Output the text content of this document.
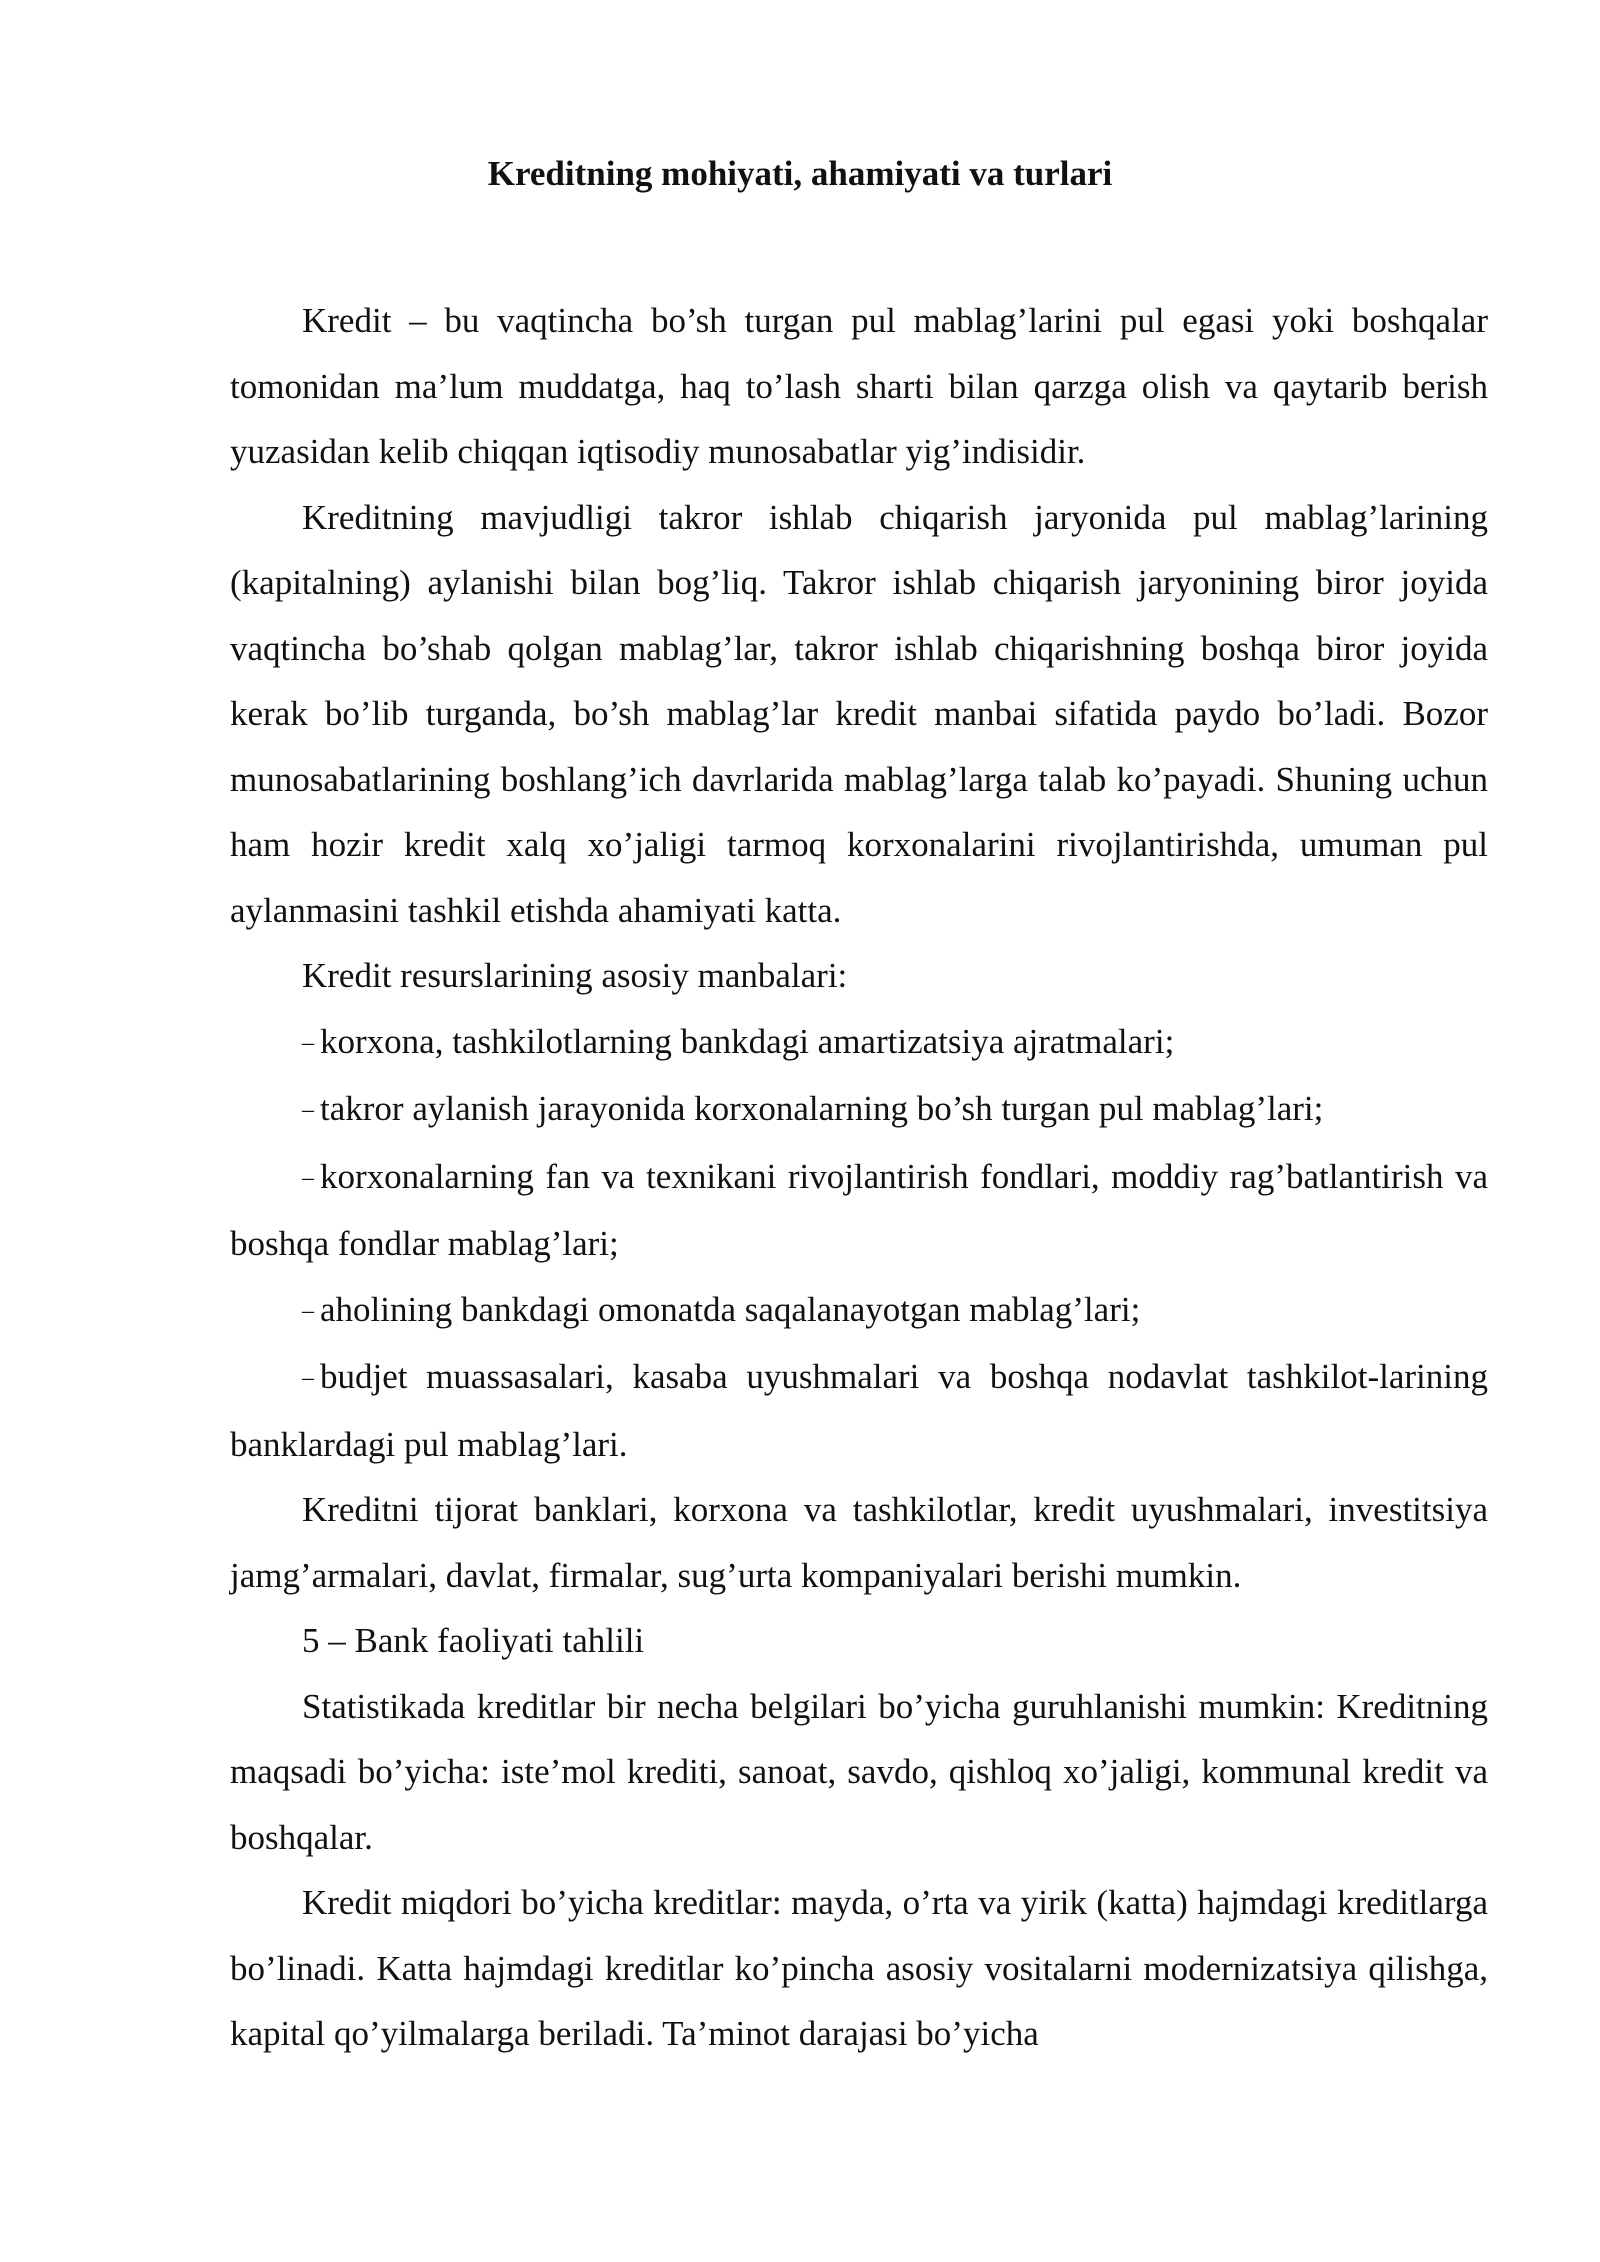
Kreditning mohiyati, ahamiyati va turlari

Kredit – bu vaqtincha bo’sh turgan pul mablag’larini pul egasi yoki boshqalar tomonidan ma’lum muddatga, haq to’lash sharti bilan qarzga olish va qaytarib berish yuzasidan kelib chiqqan iqtisodiy munosabatlar yig’indisidir.

Kreditning mavjudligi takror ishlab chiqarish jaryonida pul mablag’larining (kapitalning) aylanishi bilan bog’liq. Takror ishlab chiqarish jaryonining biror joyida vaqtincha bo’shab qolgan mablag’lar, takror ishlab chiqarishning boshqa biror joyida kerak bo’lib turganda, bo’sh mablag’lar kredit manbai sifatida paydo bo’ladi. Bozor munosabatlarining boshlang’ich davrlarida mablag’larga talab ko’payadi. Shuning uchun ham hozir kredit xalq xo’jaligi tarmoq korxonalarini rivojlantirishda, umuman pul aylanmasini tashkil etishda ahamiyati katta.

Kredit resurslarining asosiy manbalari:

– korxona, tashkilotlarning bankdagi amartizatsiya ajratmalari;

– takror aylanish jarayonida korxonalarning bo’sh turgan pul mablag’lari;

– korxonalarning fan va texnikani rivojlantirish fondlari, moddiy rag’batlantirish va boshqa fondlar mablag’lari;

– aholining bankdagi omonatda saqalanayotgan mablag’lari;

– budjet muassasalari, kasaba uyushmalari va boshqa nodavlat tashkilot-larining banklardagi pul mablag’lari.

Kreditni tijorat banklari, korxona va tashkilotlar, kredit uyushmalari, investitsiya jamg’armalari, davlat, firmalar, sug’urta kompaniyalari berishi mumkin.

5 – Bank faoliyati tahlili

Statistikada kreditlar bir necha belgilari bo’yicha guruhlanishi mumkin: Kreditning maqsadi bo’yicha: iste’mol krediti, sanoat, savdo, qishloq xo’jaligi, kommunal kredit va boshqalar.

Kredit miqdori bo’yicha kreditlar: mayda, o’rta va yirik (katta) hajmdagi kreditlarga bo’linadi. Katta hajmdagi kreditlar ko’pincha asosiy vositalarni modernizatsiya qilishga, kapital qo’yilmalarga beriladi. Ta’minot darajasi bo’yicha
